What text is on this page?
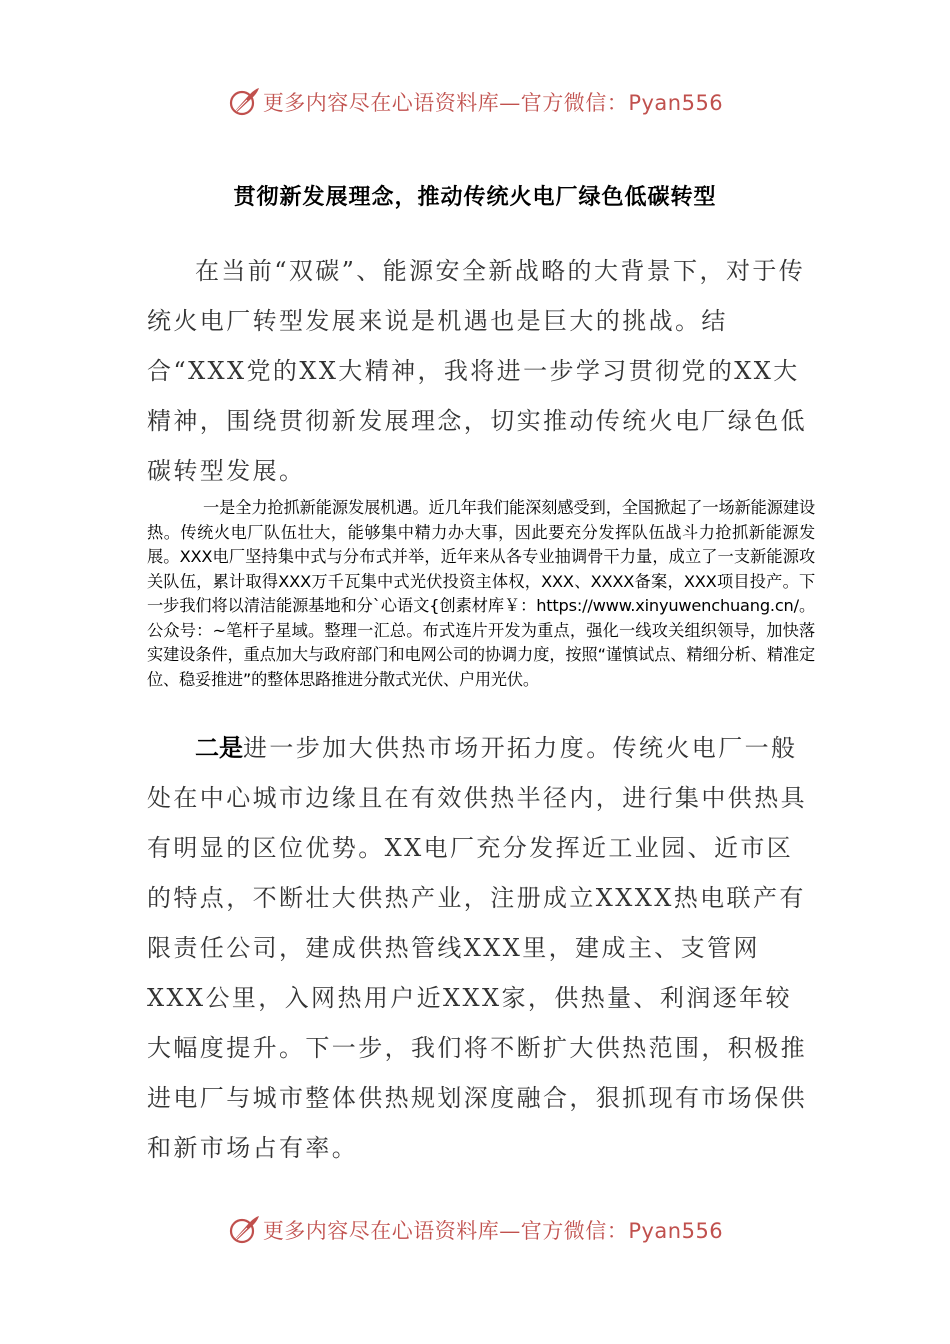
更多内容尽在心语资料库—官方微信：Pyan556
贯彻新发展理念，推动传统火电厂绿色低碳转型

在当前“双碳”、能源安全新战略的大背景下，对于传统火电厂转型发展来说是机遇也是巨大的挑战。结合“XXX党的XX大精神，我将进一步学习贯彻党的XX大精神，围绕贯彻新发展理念，切实推动传统火电厂绿色低碳转型发展。

一是全力抢抓新能源发展机遇。近几年我们能深刻感受到，全国掀起了一场新能源建设热。传统火电厂队伍壮大，能够集中精力办大事，因此要充分发挥队伍战斗力抢抓新能源发展。XXX电厂坚持集中式与分布式并举，近年来从各专业抽调骨干力量，成立了一支新能源攻关队伍，累计取得XXX万千瓦集中式光伏投资主体权，XXX、XXXX备案，XXX项目投产。下一步我们将以清洁能源基地和分`心语文{创素材库￥：https://www.xinyuwenchuang.cn/。公众号：~笔杆子星域。整理一汇总。布式连片开发为重点，强化一线攻关组织领导，加快落实建设条件，重点加大与政府部门和电网公司的协调力度，按照“谨慎试点、精细分析、精准定位、稳妥推进”的整体思路推进分散式光伏、户用光伏。

二是进一步加大供热市场开拓力度。传统火电厂一般处在中心城市边缘且在有效供热半径内，进行集中供热具有明显的区位优势。XX电厂充分发挥近工业园、近市区的特点，不断壮大供热产业，注册成立XXXX热电联产有限责任公司，建成供热管线XXX里，建成主、支管网XXX公里，入网热用户近XXX家，供热量、利润逐年较大幅度提升。下一步，我们将不断扩大供热范围，积极推进电厂与城市整体供热规划深度融合，狠抓现有市场保供和新市场占有率。

更多内容尽在心语资料库—官方微信：Pyan556
